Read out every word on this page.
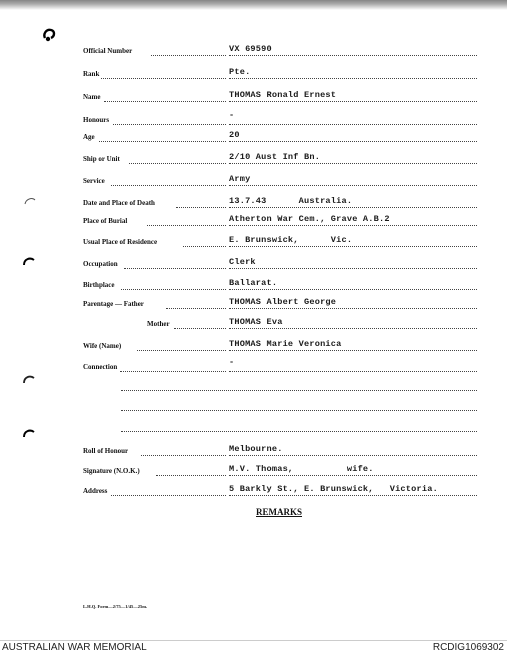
Official Number	VX 69590
Rank	Pte.
Name	THOMAS Ronald Ernest
Honours	-
Age	20
Ship or Unit	2/10 Aust Inf Bn.
Service	Army
Date and Place of Death	13.7.43      Australia.
Place of Burial	Atherton War Cem., Grave A.B.2
Usual Place of Residence	E. Brunswick,      Vic.
Occupation	Clerk
Birthplace	Ballarat.
Parentage — Father	THOMAS Albert George
Mother	THOMAS Eva
Wife (Name)	THOMAS Marie Veronica
Connection	-
Roll of Honour	Melbourne.
Signature (N.O.K.)	M.V. Thomas,          wife.
Address	5 Barkly St., E. Brunswick,   Victoria.
REMARKS
L.H.Q. Form—2/75—1/45—25m.
AUSTRALIAN WAR MEMORIAL	RCDIG1069302
